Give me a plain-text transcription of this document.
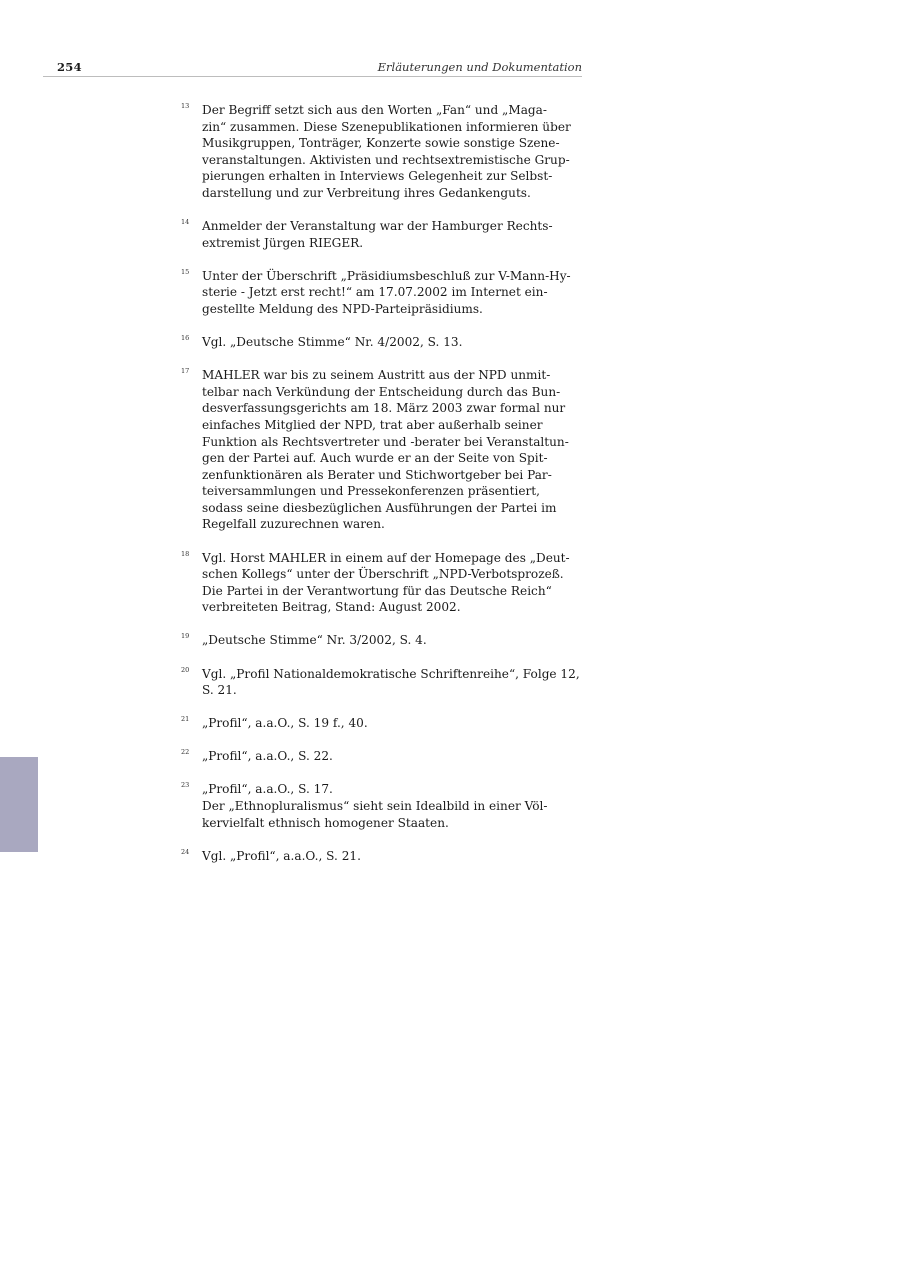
254	Erläuterungen und Dokumentation
13 Der Begriff setzt sich aus den Worten „Fan“ und „Maga-
zin“ zusammen. Diese Szenepublikationen informieren über
Musikgruppen, Tonträger, Konzerte sowie sonstige Szene-
veranstaltungen. Aktivisten und rechtsextremistische Grup-
pierungen erhalten in Interviews Gelegenheit zur Selbst-
darstellung und zur Verbreitung ihres Gedankenguts.
14 Anmelder der Veranstaltung war der Hamburger Rechts-
extremist Jürgen RIEGER.
15 Unter der Überschrift „Präsidiumsbeschluß zur V-Mann-Hy-
sterie - Jetzt erst recht!“ am 17.07.2002 im Internet ein-
gestellte Meldung des NPD-Parteipräsidiums.
16 Vgl. „Deutsche Stimme“ Nr. 4/2002, S. 13.
17 MAHLER war bis zu seinem Austritt aus der NPD unmit-
telbar nach Verkündung der Entscheidung durch das Bun-
desverfassungsgerichts am 18. März 2003 zwar formal nur
einfaches Mitglied der NPD, trat aber außerhalb seiner
Funktion als Rechtsvertreter und -berater bei Veranstaltun-
gen der Partei auf. Auch wurde er an der Seite von Spit-
zenfunktionären als Berater und Stichwortgeber bei Par-
teiversammlungen und Pressekonferenzen präsentiert,
sodass seine diesbezüglichen Ausführungen der Partei im
Regelfall zuzurechnen waren.
18 Vgl. Horst MAHLER in einem auf der Homepage des „Deut-
schen Kollegs“ unter der Überschrift „NPD-Verbotsprozeß.
Die Partei in der Verantwortung für das Deutsche Reich“
verbreiteten Beitrag, Stand: August 2002.
19 „Deutsche Stimme“ Nr. 3/2002, S. 4.
20 Vgl. „Profil Nationaldemokratische Schriftenreihe“, Folge 12,
S. 21.
21 „Profil“, a.a.O., S. 19 f., 40.
22 „Profil“, a.a.O., S. 22.
23 „Profil“, a.a.O., S. 17.
Der „Ethnopluralismus“ sieht sein Idealbild in einer Völ-
kervielfalt ethnisch homogener Staaten.
24 Vgl. „Profil“, a.a.O., S. 21.
